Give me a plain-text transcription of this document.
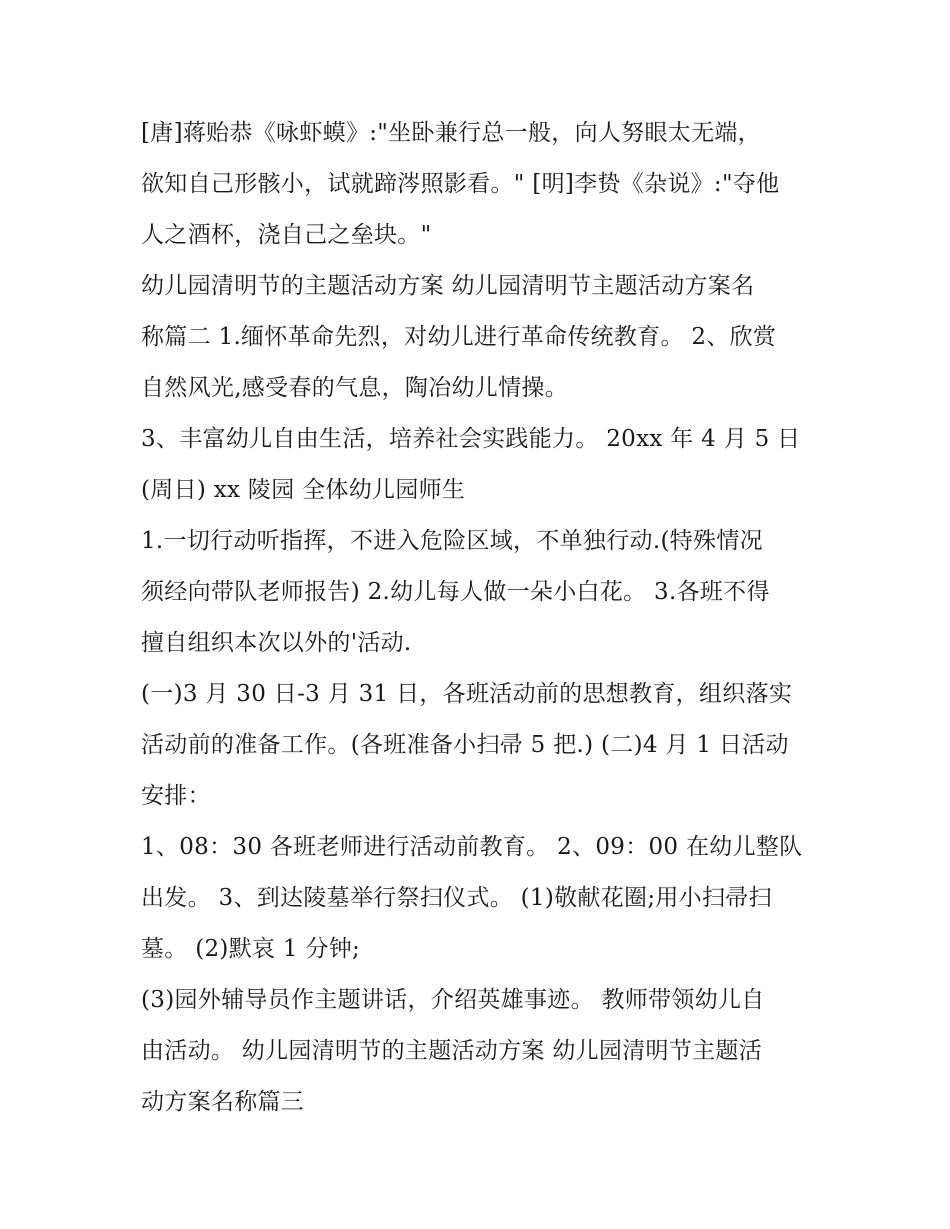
[唐]蒋贻恭《咏虾蟆》:"坐卧兼行总一般，向人努眼太无端，
欲知自己形骸小，试就蹄涔照影看。" [明]李贽《杂说》:"夺他
人之酒杯，浇自己之垒块。"
幼儿园清明节的主题活动方案 幼儿园清明节主题活动方案名
称篇二 1.缅怀革命先烈，对幼儿进行革命传统教育。 2、欣赏
自然风光,感受春的气息，陶冶幼儿情操。
3、丰富幼儿自由生活，培养社会实践能力。 20xx 年 4 月 5 日
(周日) xx 陵园 全体幼儿园师生
1.一切行动听指挥，不进入危险区域，不单独行动.(特殊情况
须经向带队老师报告) 2.幼儿每人做一朵小白花。 3.各班不得
擅自组织本次以外的'活动.
(一)3 月 30 日-3 月 31 日，各班活动前的思想教育，组织落实
活动前的准备工作。(各班准备小扫帚 5 把.) (二)4 月 1 日活动
安排：
1、08：30 各班老师进行活动前教育。 2、09：00 在幼儿整队
出发。 3、到达陵墓举行祭扫仪式。 (1)敬献花圈;用小扫帚扫
墓。 (2)默哀 1 分钟;
(3)园外辅导员作主题讲话，介绍英雄事迹。 教师带领幼儿自
由活动。 幼儿园清明节的主题活动方案 幼儿园清明节主题活
动方案名称篇三
